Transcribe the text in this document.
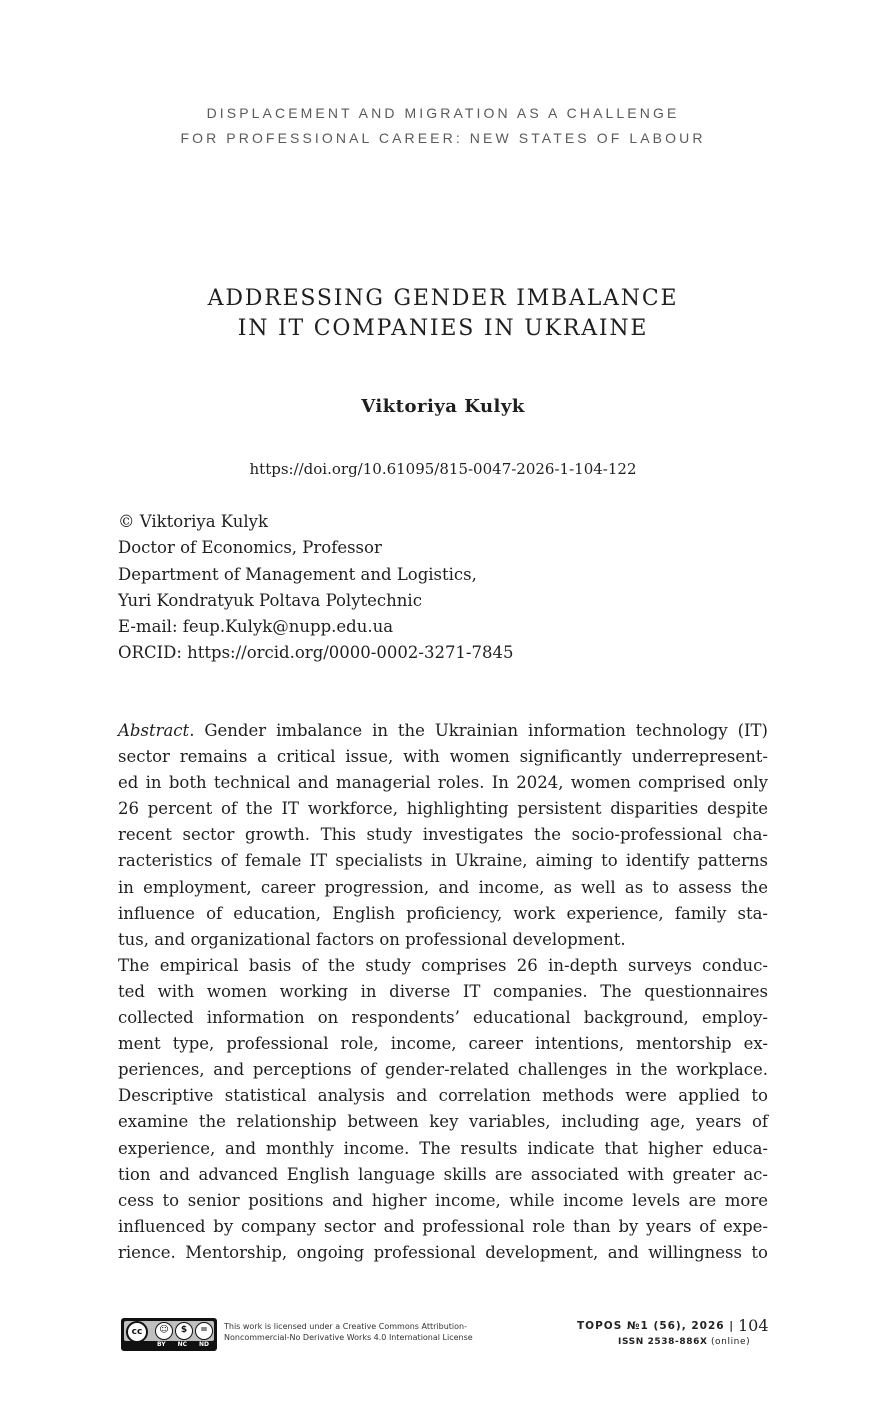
DISPLACEMENT AND MIGRATION AS A CHALLENGE
FOR PROFESSIONAL CAREER: NEW STATES OF LABOUR
ADDRESSING GENDER IMBALANCE
IN IT COMPANIES IN UKRAINE
Viktoriya Kulyk
https://doi.org/10.61095/815-0047-2026-1-104-122
© Viktoriya Kulyk
Doctor of Economics, Professor
Department of Management and Logistics,
Yuri Kondratyuk Poltava Polytechnic
E-mail: feup.Kulyk@nupp.edu.ua
ORCID: https://orcid.org/0000-0002-3271-7845
Abstract. Gender imbalance in the Ukrainian information technology (IT)
sector remains a critical issue, with women significantly underrepresent-
ed in both technical and managerial roles. In 2024, women comprised only
26 percent of the IT workforce, highlighting persistent disparities despite
recent sector growth. This study investigates the socio-professional cha-
racteristics of female IT specialists in Ukraine, aiming to identify patterns
in employment, career progression, and income, as well as to assess the
influence of education, English proficiency, work experience, family sta-
tus, and organizational factors on professional development.
The empirical basis of the study comprises 26 in-depth surveys conduc-
ted with women working in diverse IT companies. The questionnaires
collected information on respondents’ educational background, employ-
ment type, professional role, income, career intentions, mentorship ex-
periences, and perceptions of gender-related challenges in the workplace.
Descriptive statistical analysis and correlation methods were applied to
examine the relationship between key variables, including age, years of
experience, and monthly income. The results indicate that higher educa-
tion and advanced English language skills are associated with greater ac-
cess to senior positions and higher income, while income levels are more
influenced by company sector and professional role than by years of expe-
rience. Mentorship, ongoing professional development, and willingness to
cc	☺	$	=
BY NC ND
This work is licensed under a Creative Commons Attribution-
Noncommercial-No Derivative Works 4.0 International License
TOPOS №1 (56), 2026 | 104
ISSN 2538-886X (online)
